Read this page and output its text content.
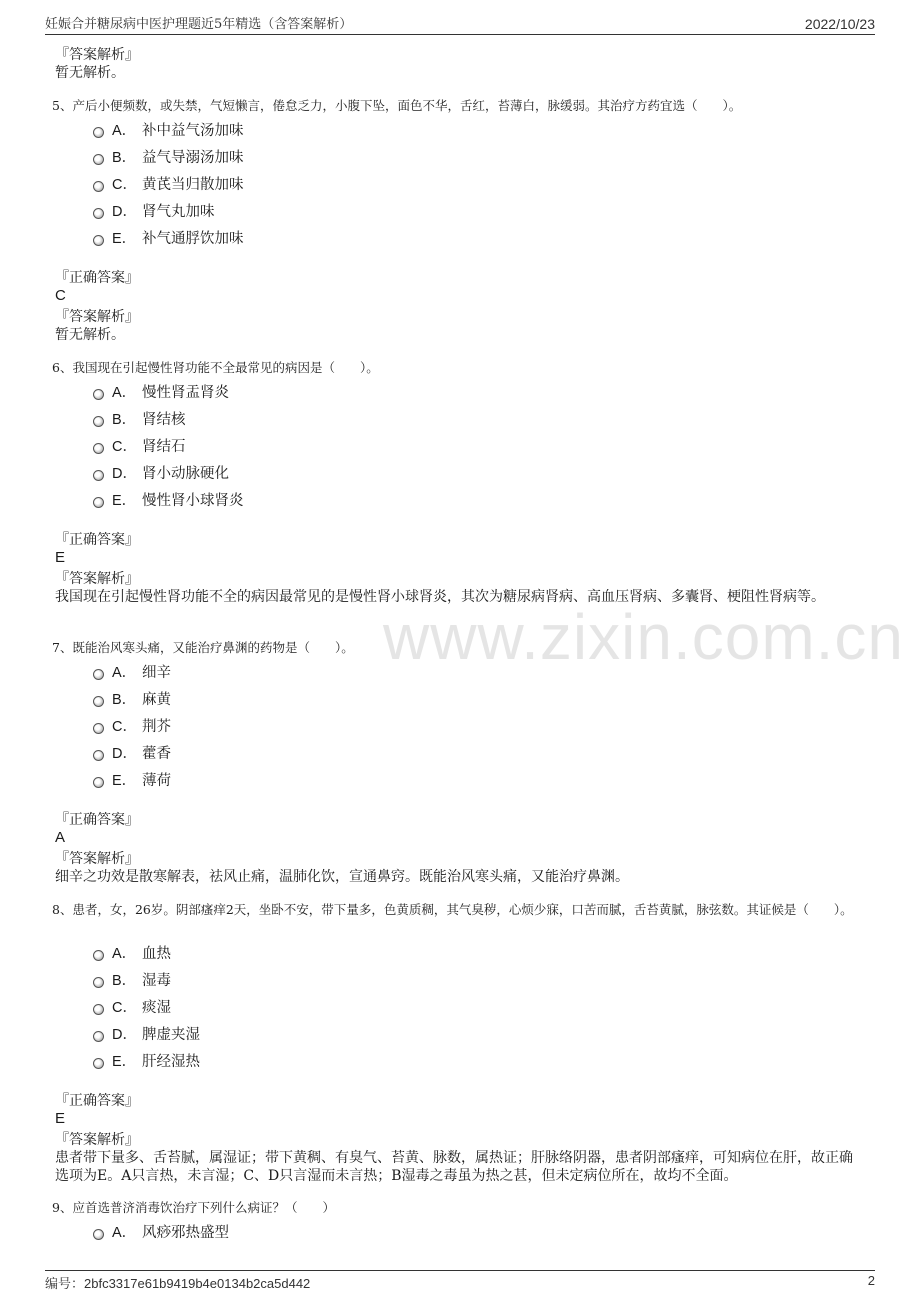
妊娠合并糖尿病中医护理题近5年精选（含答案解析）	2022/10/23
www.zixin.com.cn
『答案解析』
暂无解析。
5、产后小便频数，或失禁，气短懒言，倦怠乏力，小腹下坠，面色不华，舌红，苔薄白，脉缓弱。其治疗方药宜选（　　）。
A． 补中益气汤加味
B． 益气导溺汤加味
C． 黄芪当归散加味
D． 肾气丸加味
E． 补气通脬饮加味
『正确答案』
C
『答案解析』
暂无解析。
6、我国现在引起慢性肾功能不全最常见的病因是（　　）。
A． 慢性肾盂肾炎
B． 肾结核
C． 肾结石
D． 肾小动脉硬化
E． 慢性肾小球肾炎
『正确答案』
E
『答案解析』
我国现在引起慢性肾功能不全的病因最常见的是慢性肾小球肾炎，其次为糖尿病肾病、高血压肾病、多囊肾、梗阻性肾病等。
7、既能治风寒头痛，又能治疗鼻渊的药物是（　　）。
A． 细辛
B． 麻黄
C． 荆芥
D． 藿香
E． 薄荷
『正确答案』
A
『答案解析』
细辛之功效是散寒解表，祛风止痛，温肺化饮，宣通鼻窍。既能治风寒头痛，又能治疗鼻渊。
8、患者，女，26岁。阴部瘙痒2天，坐卧不安，带下量多，色黄质稠，其气臭秽，心烦少寐，口苦而腻，舌苔黄腻，脉弦数。其证候是（　　）。
A． 血热
B． 湿毒
C． 痰湿
D． 脾虚夹湿
E． 肝经湿热
『正确答案』
E
『答案解析』
患者带下量多、舌苔腻，属湿证；带下黄稠、有臭气、苔黄、脉数，属热证；肝脉络阴器，患者阴部瘙痒，可知病位在肝，故正确选项为E。A只言热，未言湿；C、D只言湿而未言热；B湿毒之毒虽为热之甚，但未定病位所在，故均不全面。
9、应首选普济消毒饮治疗下列什么病证？（　　）
A． 风痧邪热盛型
编号：2bfc3317e61b9419b4e0134b2ca5d442	2
